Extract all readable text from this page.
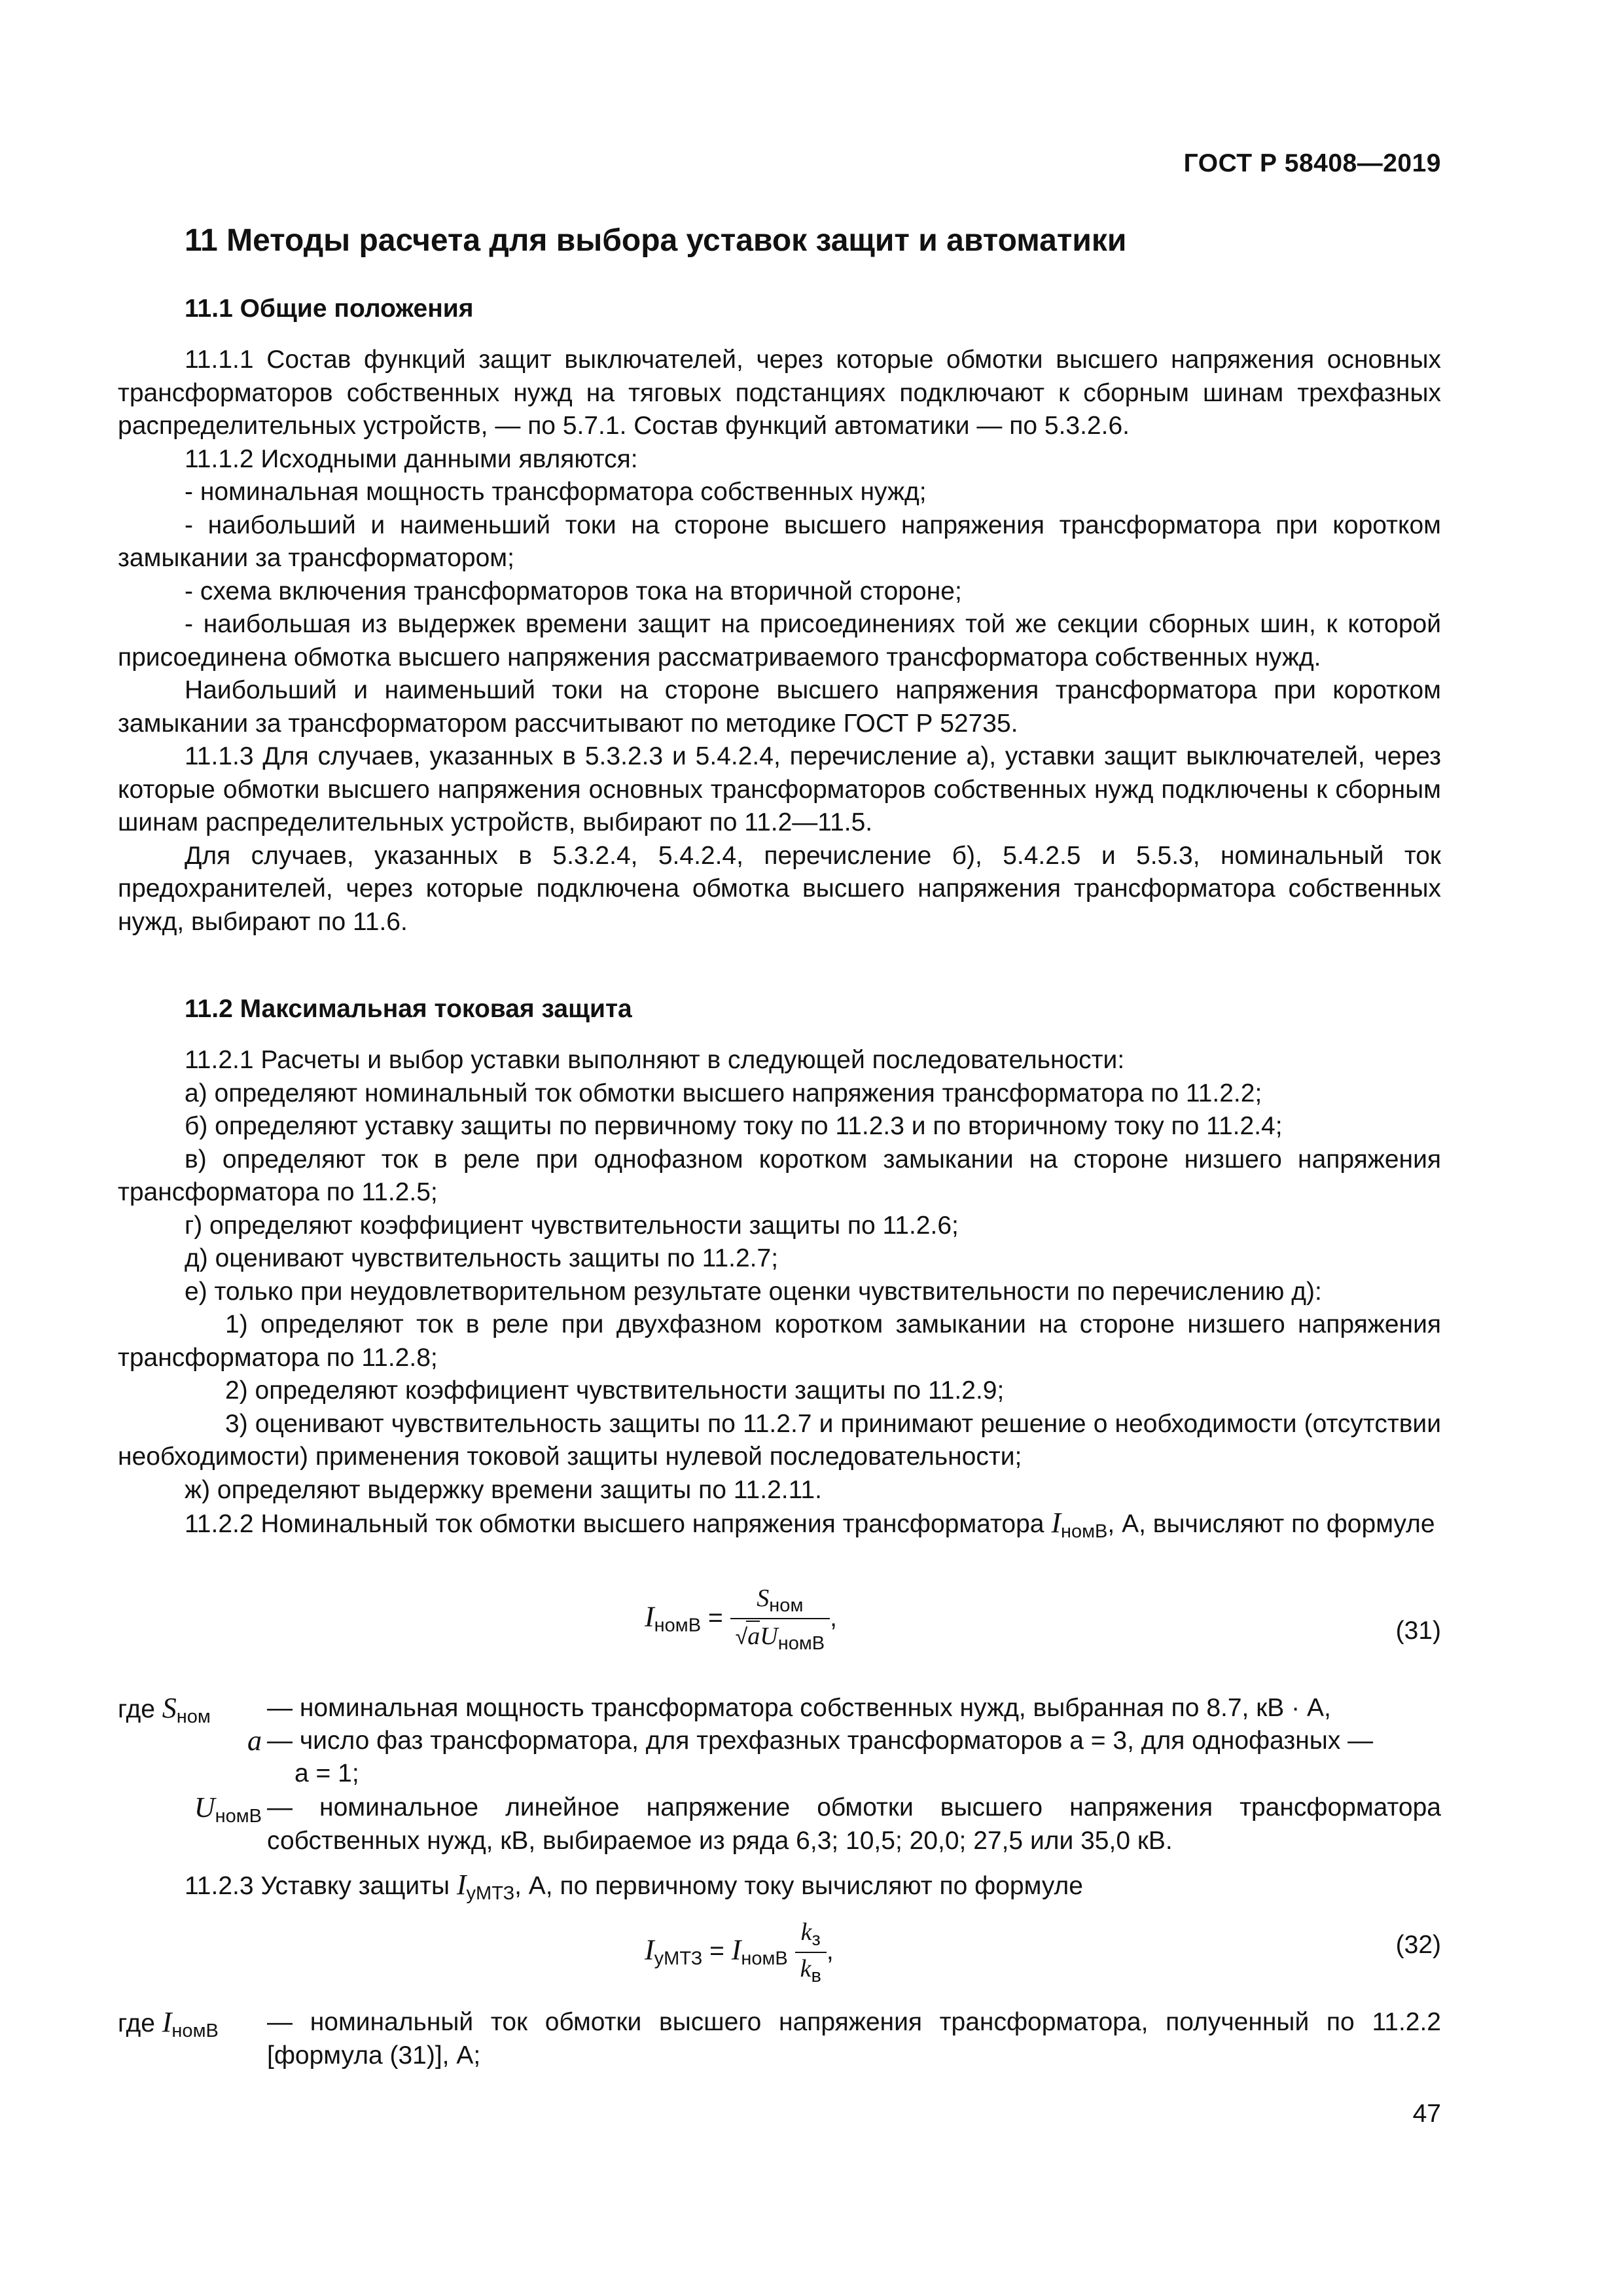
ГОСТ Р 58408—2019
11 Методы расчета для выбора уставок защит и автоматики
11.1 Общие положения

11.1.1 Состав функций защит выключателей, через которые обмотки высшего напряжения основных трансформаторов собственных нужд на тяговых подстанциях подключают к сборным шинам трехфазных распределительных устройств, — по 5.7.1. Состав функций автоматики — по 5.3.2.6.

11.1.2 Исходными данными являются:

- номинальная мощность трансформатора собственных нужд;

- наибольший и наименьший токи на стороне высшего напряжения трансформатора при коротком замыкании за трансформатором;

- схема включения трансформаторов тока на вторичной стороне;

- наибольшая из выдержек времени защит на присоединениях той же секции сборных шин, к которой присоединена обмотка высшего напряжения рассматриваемого трансформатора собственных нужд.

Наибольший и наименьший токи на стороне высшего напряжения трансформатора при коротком замыкании за трансформатором рассчитывают по методике ГОСТ Р 52735.

11.1.3 Для случаев, указанных в 5.3.2.3 и 5.4.2.4, перечисление а), уставки защит выключателей, через которые обмотки высшего напряжения основных трансформаторов собственных нужд подключены к сборным шинам распределительных устройств, выбирают по 11.2—11.5.

Для случаев, указанных в 5.3.2.4, 5.4.2.4, перечисление б), 5.4.2.5 и 5.5.3, номинальный ток предохранителей, через которые подключена обмотка высшего напряжения трансформатора собственных нужд, выбирают по 11.6.

11.2 Максимальная токовая защита

11.2.1 Расчеты и выбор уставки выполняют в следующей последовательности:

а) определяют номинальный ток обмотки высшего напряжения трансформатора по 11.2.2;

б) определяют уставку защиты по первичному току по 11.2.3 и по вторичному току по 11.2.4;

в) определяют ток в реле при однофазном коротком замыкании на стороне низшего напряжения трансформатора по 11.2.5;

г) определяют коэффициент чувствительности защиты по 11.2.6;

д) оценивают чувствительность защиты по 11.2.7;

е) только при неудовлетворительном результате оценки чувствительности по перечислению д):

1) определяют ток в реле при двухфазном коротком замыкании на стороне низшего напряжения трансформатора по 11.2.8;

2) определяют коэффициент чувствительности защиты по 11.2.9;

3) оценивают чувствительность защиты по 11.2.7 и принимают решение о необходимости (отсутствии необходимости) применения токовой защиты нулевой последовательности;

ж) определяют выдержку времени защиты по 11.2.11.

11.2.2 Номинальный ток обмотки высшего напряжения трансформатора $I_{номВ}$, А, вычисляют по формуле

$I_{номВ} = \frac{\text{Sном}}{\text{√aUномВ}}$ ,	(31)
где $S_{ном}$ — номинальная мощность трансформатора собственных нужд, выбранная по 8.7, кВ · А,
a — число фаз трансформатора, для трехфазных трансформаторов a = 3, для однофазных —
a = 1;
$U_{номВ}$ — номинальное линейное напряжение обмотки высшего напряжения трансформатора собственных нужд, кВ, выбираемое из ряда 6,3; 10,5; 20,0; 27,5 или 35,0 кВ.

11.2.3 Уставку защиты $I_{уМТЗ}$, А, по первичному току вычисляют по формуле

$I_{уМТЗ} = I_{номВ} \frac{kз}{kв}$ ,	(32)
где $I_{номВ}$ — номинальный ток обмотки высшего напряжения трансформатора, полученный по 11.2.2 [формула (31)], А;
47
